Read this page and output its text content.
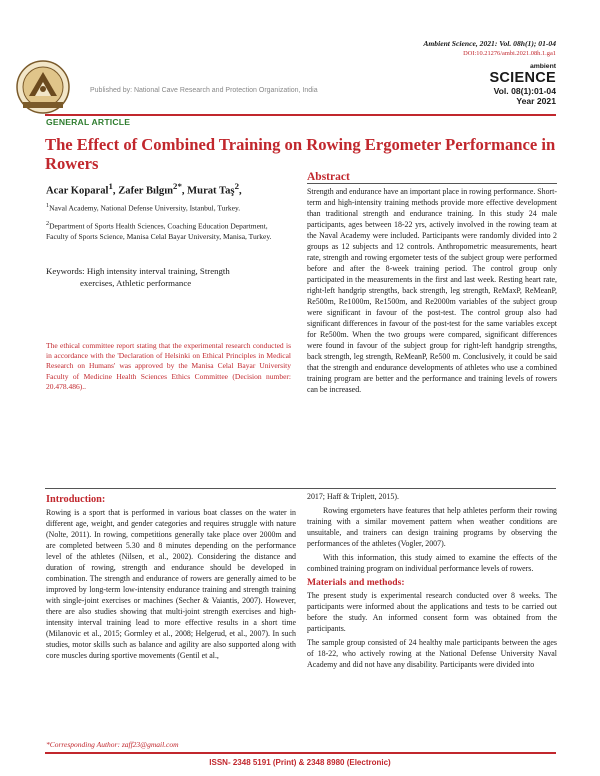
Ambient Science, 2021: Vol. 08h(1); 01-04
DOI:10.21276/ambi.2021.08h.1.ga1
Published by: National Cave Research and Protection Organization, India
ambient
SCIENCE
Vol. 08(1):01-04
Year 2021
GENERAL ARTICLE
The Effect of Combined Training on Rowing Ergometer Performance in Rowers
Acar Koparal$^1$, Zafer Bılgın$^{2*}$, Murat Taş$^2$,
$^1$Naval Academy, National Defense University, Istanbul, Turkey.
$^2$Department of Sports Health Sciences, Coaching Education Department, Faculty of Sports Science, Manisa Celal Bayar University, Manisa, Turkey.
Keywords: High intensity interval training, Strength
exercises, Athletic performance
The ethical committee report stating that the experimental research conducted is in accordance with the 'Declaration of Helsinki on Ethical Principles in Medical Research on Humans' was approved by the Manisa Celal Bayar University Faculty of Medicine Health Sciences Ethics Committee (Decision number: 20.478.486)..
Abstract
Strength and endurance have an important place in rowing performance. Short-term and high-intensity training methods provide more effective development than traditional strength and endurance training. In this study 24 male participants, ages between 18-22 yrs, actively involved in the rowing team at the Naval Academy were included. Participants were randomly divided into 2 groups as 12 subjects and 12 controls. Anthropometric measurements, heart rate, strength and rowing ergometer tests of the subject group were performed before and after the 8-week training period. The control group only participated in the measurements in the first and last week. Resting heart rate, right-left handgrip strengths, back strength, leg strength, ReMaxP, ReMeanP, Re500m, Re1000m, Re1500m, and Re2000m variables of the subject group were significant in favour of the post-test. The control group also had significant differences in favour of the post-test for the same variables except for Re500m. When the two groups were compared, significant differences were found in favour of the subject group for right-left handgrip strengths, back strength, leg strength, ReMeanP, Re500 m. Conclusively, it could be said that the strength and endurance developments of athletes who use a combined training program are better and the performance and training levels of rowers can be increased.
Introduction:

Rowing is a sport that is performed in various boat classes on the water in different age, weight, and gender categories and requires struggle with nature (Nolte, 2011). In rowing, competitions generally take place over 2000m and are completed between 5.30 and 8 minutes depending on the performance level of the athletes (Nilsen, et al., 2002). Considering the distance and duration of rowing, strength and endurance should be developed in combination. The strength and endurance of rowers are generally aimed to be improved by long-term low-intensity endurance training and strength training with single-joint exercises or machines (Secher & Vaiantis, 2007). However, there are also studies showing that multi-joint strength exercises and high-intensity interval training lead to more effective results in a short time (Milanovic et al., 2015; Gormley et al., 2008; Helgerud, et al., 2007). In such studies, motor skills such as balance and agility are also supported along with core muscles during sportive movements (Gentil et al.,

2017; Haff & Triplett, 2015).

Rowing ergometers have features that help athletes perform their rowing training with a similar movement pattern when weather conditions are unsuitable, and trainers can design training programs by observing the performances of the athletes (Vogler, 2007).

With this information, this study aimed to examine the effects of the combined training program on individual performance levels of rowers.

Materials and methods:

The present study is experimental research conducted over 8 weeks. The participants were informed about the applications and tests to be carried out before the study. An informed consent form was obtained from the participants.

The sample group consisted of 24 healthy male participants between the ages of 18-22, who actively rowing at the National Defense University Naval Academy and did not have any disability. Participants were divided into

*Corresponding Author: zaff23@gmail.com
ISSN- 2348 5191 (Print) & 2348 8980 (Electronic)
